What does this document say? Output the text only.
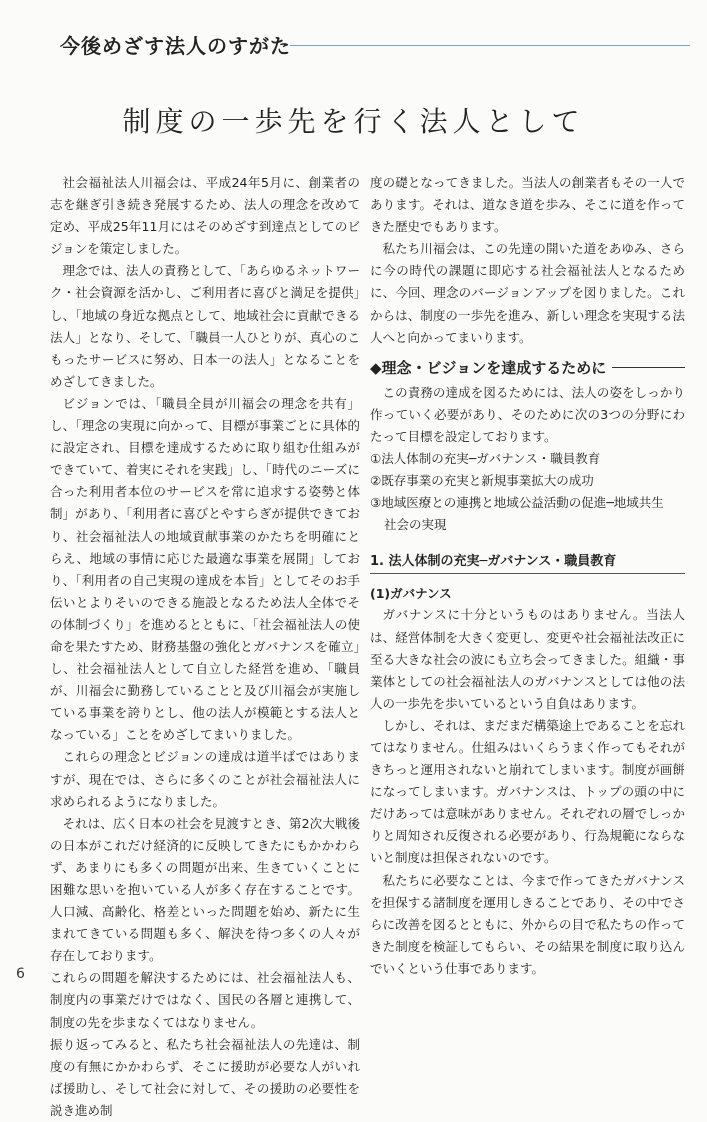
今後めざす法人のすがた
制度の一歩先を行く法人として

社会福祉法人川福会は、平成24年5月に、創業者の志を継ぎ引き続き発展するため、法人の理念を改めて定め、平成25年11月にはそのめざす到達点としてのビジョンを策定しました。

理念では、法人の責務として、「あらゆるネットワーク・社会資源を活かし、ご利用者に喜びと満足を提供」し、「地域の身近な拠点として、地域社会に貢献できる法人」となり、そして、「職員一人ひとりが、真心のこもったサービスに努め、日本一の法人」となることをめざしてきました。

ビジョンでは、「職員全員が川福会の理念を共有」し、「理念の実現に向かって、目標が事業ごとに具体的に設定され、目標を達成するために取り組む仕組みができていて、着実にそれを実践」し、「時代のニーズに合った利用者本位のサービスを常に追求する姿勢と体制」があり、「利用者に喜びとやすらぎが提供できており、社会福祉法人の地域貢献事業のかたちを明確にとらえ、地域の事情に応じた最適な事業を展開」しており、「利用者の自己実現の達成を本旨」としてそのお手伝いとよりそいのできる施設となるため法人全体でその体制づくり」を進めるとともに、「社会福祉法人の使命を果たすため、財務基盤の強化とガバナンスを確立」し、社会福祉法人として自立した経営を進め、「職員が、川福会に勤務していることと及び川福会が実施している事業を誇りとし、他の法人が模範とする法人となっている」ことをめざしてまいりました。

これらの理念とビジョンの達成は道半ばではありますが、現在では、さらに多くのことが社会福祉法人に求められるようになりました。

それは、広く日本の社会を見渡すとき、第2次大戦後の日本がこれだけ経済的に反映してきたにもかかわらず、あまりにも多くの問題が出来、生きていくことに困難な思いを抱いている人が多く存在することです。人口減、高齢化、格差といった問題を始め、新たに生まれてきている問題も多く、解決を待つ多くの人々が存在しております。

これらの問題を解決するためには、社会福祉法人も、制度内の事業だけではなく、国民の各層と連携して、制度の先を歩まなくてはなりません。

振り返ってみると、私たち社会福祉法人の先達は、制度の有無にかかわらず、そこに援助が必要な人がいれば援助し、そして社会に対して、その援助の必要性を説き進め制

度の礎となってきました。当法人の創業者もその一人であります。それは、道なき道を歩み、そこに道を作ってきた歴史でもあります。

私たち川福会は、この先達の開いた道をあゆみ、さらに今の時代の課題に即応する社会福祉法人となるために、今回、理念のバージョンアップを図りました。これからは、制度の一歩先を進み、新しい理念を実現する法人へと向かってまいります。

◆理念・ビジョンを達成するために

この責務の達成を図るためには、法人の姿をしっかり作っていく必要があり、そのために次の3つの分野にわたって目標を設定しております。

①法人体制の充実─ガバナンス・職員教育

②既存事業の充実と新規事業拡大の成功

③地域医療との連携と地域公益活動の促進─地域共生

社会の実現

1. 法人体制の充実─ガバナンス・職員教育
(1)ガバナンス

ガバナンスに十分というものはありません。当法人は、経営体制を大きく変更し、変更や社会福祉法改正に至る大きな社会の波にも立ち会ってきました。組織・事業体としての社会福祉法人のガバナンスとしては他の法人の一歩先を歩いているという自負はあります。

しかし、それは、まだまだ構築途上であることを忘れてはなりません。仕組みはいくらうまく作ってもそれがきちっと運用されないと崩れてしまいます。制度が画餅になってしまいます。ガバナンスは、トップの頭の中にだけあっては意味がありません。それぞれの層でしっかりと周知され反復される必要があり、行為規範にならないと制度は担保されないのです。

私たちに必要なことは、今まで作ってきたガバナンスを担保する諸制度を運用しきることであり、その中でさらに改善を図るとともに、外からの目で私たちの作ってきた制度を検証してもらい、その結果を制度に取り込んでいくという仕事であります。

6
